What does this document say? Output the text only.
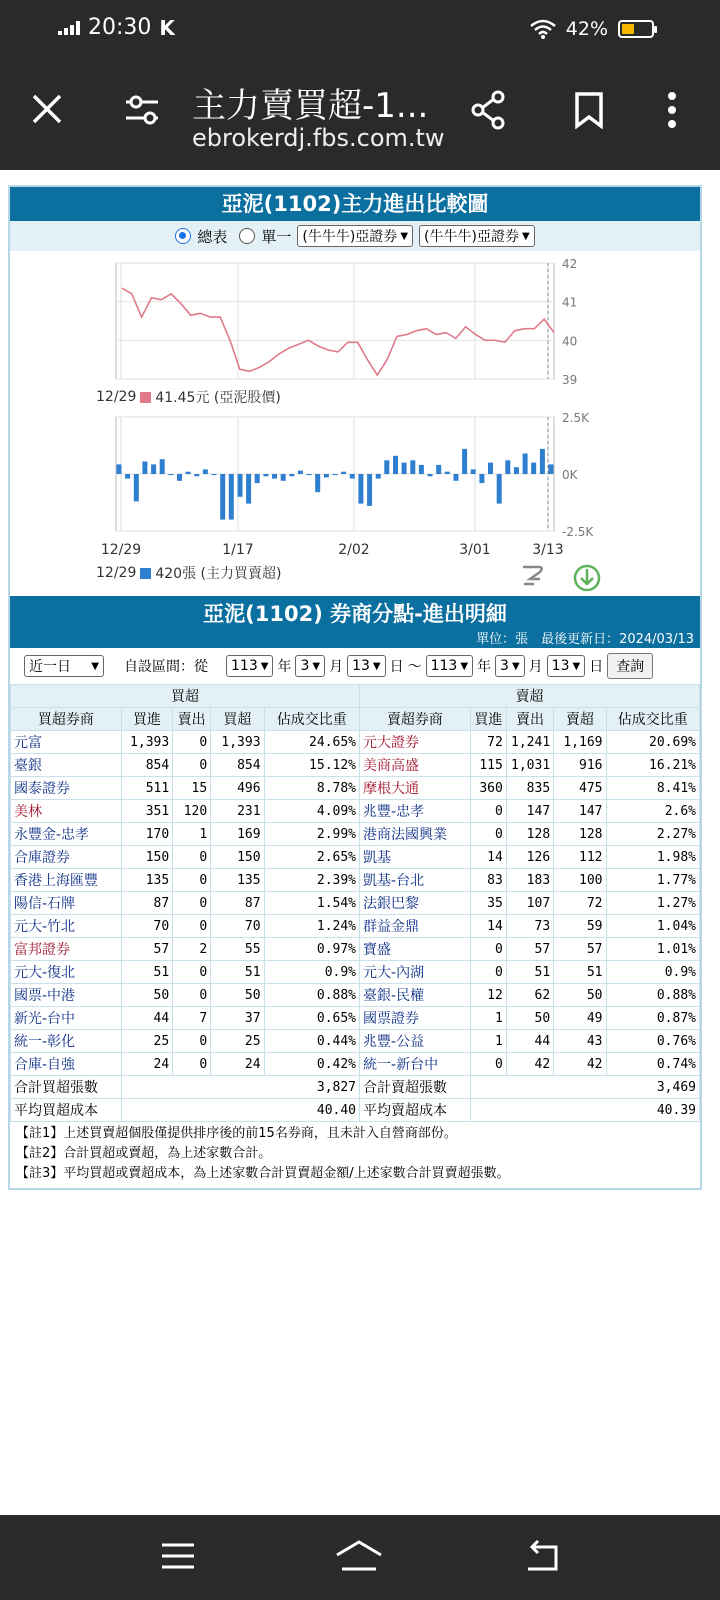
20:30 K	42%
主力賣買超-1...
ebrokerdj.fbs.com.tw
亞泥(1102)主力進出比較圖
總表 單一 (牛牛牛)亞證券 ▼ (牛牛牛)亞證券 ▼
42
41
40
39
2.5K
0K
-2.5K
12/29	1/17	2/02	3/01	3/13
12/29 41.45元 (亞泥股價)
12/29 420張 (主力買賣超)
亞泥(1102) 券商分點-進出明細
單位：張　最後更新日：2024/03/13
近一日 ▼ 自設區間：從 113 ▼ 年 3 ▼ 月 13 ▼ 日 ～ 113 ▼ 年 3 ▼ 月 13 ▼ 日 查詢
買超					賣超				
買超券商	買進	賣出	買超	佔成交比重	賣超券商	買進	賣出	賣超	佔成交比重
元富	1,393	0	1,393	24.65%	元大證券	72	1,241	1,169	20.69%
臺銀	854	0	854	15.12%	美商高盛	115	1,031	916	16.21%
國泰證券	511	15	496	8.78%	摩根大通	360	835	475	8.41%
美林	351	120	231	4.09%	兆豐-忠孝	0	147	147	2.6%
永豐金-忠孝	170	1	169	2.99%	港商法國興業	0	128	128	2.27%
合庫證券	150	0	150	2.65%	凱基	14	126	112	1.98%
香港上海匯豐	135	0	135	2.39%	凱基-台北	83	183	100	1.77%
陽信-石牌	87	0	87	1.54%	法銀巴黎	35	107	72	1.27%
元大-竹北	70	0	70	1.24%	群益金鼎	14	73	59	1.04%
富邦證券	57	2	55	0.97%	寶盛	0	57	57	1.01%
元大-復北	51	0	51	0.9%	元大-內湖	0	51	51	0.9%
國票-中港	50	0	50	0.88%	臺銀-民權	12	62	50	0.88%
新光-台中	44	7	37	0.65%	國票證券	1	50	49	0.87%
統一-彰化	25	0	25	0.44%	兆豐-公益	1	44	43	0.76%
合庫-自強	24	0	24	0.42%	統一-新台中	0	42	42	0.74%
合計買超張數	3,827				合計賣超張數	3,469			
平均買超成本	40.40				平均賣超成本	40.39			
【註1】上述買賣超個股僅提供排序後的前15名券商，且未計入自營商部份。
【註2】合計買超或賣超，為上述家數合計。
【註3】平均買超或賣超成本，為上述家數合計買賣超金額/上述家數合計買賣超張數。
